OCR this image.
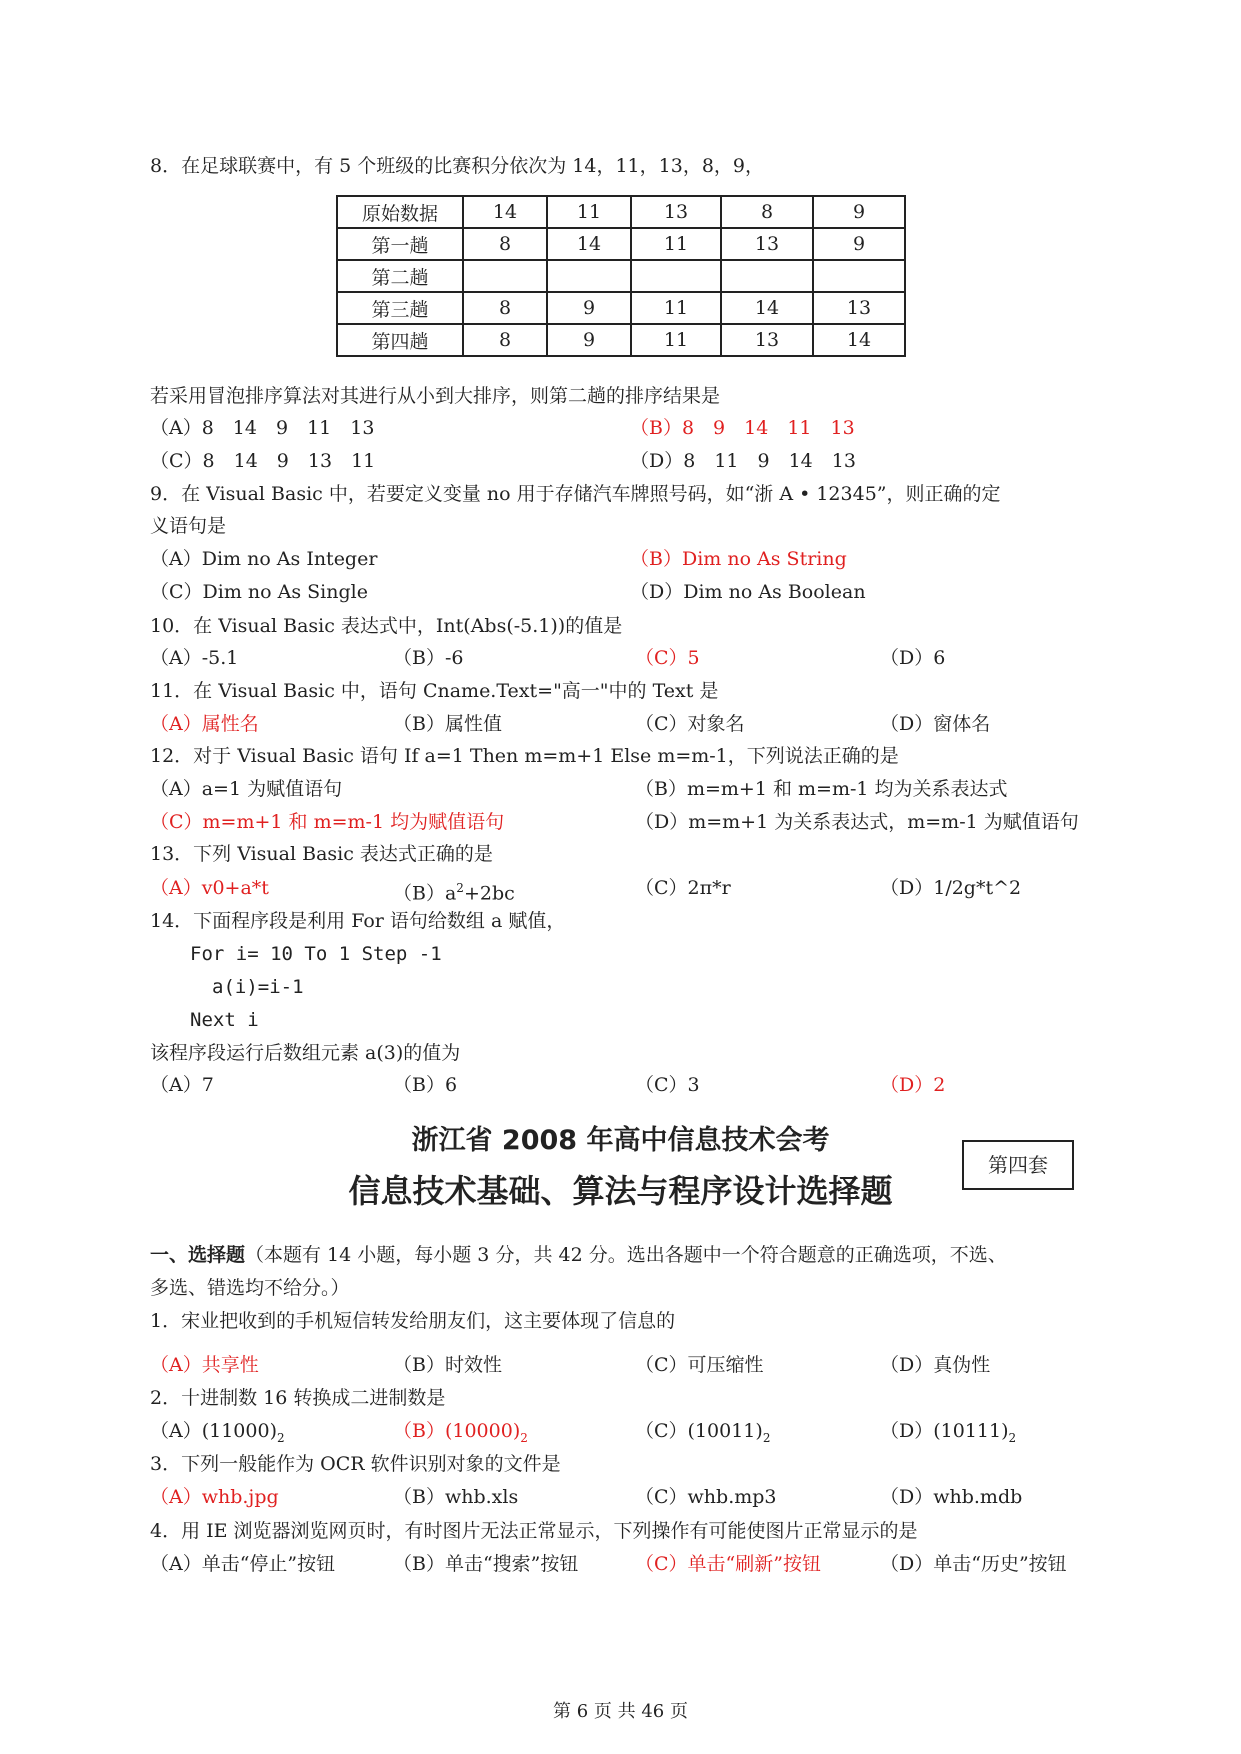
8．在足球联赛中，有 5 个班级的比赛积分依次为 14，11，13，8，9，
原始数据	14	11	13	8	9
第一趟	8	14	11	13	9
第二趟					
第三趟	8	9	11	14	13
第四趟	8	9	11	13	14
若采用冒泡排序算法对其进行从小到大排序，则第二趟的排序结果是
（A）8　14　9　11　13	（B）8　9　14　11　13
（C）8　14　9　13　11	（D）8　11　9　14　13
9．在 Visual Basic 中，若要定义变量 no 用于存储汽车牌照号码，如“浙 A • 12345”，则正确的定
义语句是
（A）Dim no As Integer	（B）Dim no As String
（C）Dim no As Single	（D）Dim no As Boolean
10．在 Visual Basic 表达式中，Int(Abs(-5.1))的值是
（A）-5.1	（B）-6	（C）5	（D）6
11．在 Visual Basic 中，语句 Cname.Text="高一"中的 Text 是
（A）属性名	（B）属性值	（C）对象名	（D）窗体名
12．对于 Visual Basic 语句 If a=1 Then m=m+1 Else m=m-1，下列说法正确的是
（A）a=1 为赋值语句	（B）m=m+1 和 m=m-1 均为关系表达式
（C）m=m+1 和 m=m-1 均为赋值语句	（D）m=m+1 为关系表达式，m=m-1 为赋值语句
13．下列 Visual Basic 表达式正确的是
（A）v0+a*t	$(B)a^2+2bc$	（C）2π*r	（D）1/2g*t^2
14．下面程序段是利用 For 语句给数组 a 赋值，
For i= 10 To 1 Step -1
a(i)=i-1
Next i
该程序段运行后数组元素 a(3)的值为
（A）7	（B）6	（C）3	（D）2
浙江省 2008 年高中信息技术会考
第四套
信息技术基础、算法与程序设计选择题
一、选择题（本题有 14 小题，每小题 3 分，共 42 分。选出各题中一个符合题意的正确选项，不选、
多选、错选均不给分。）
1．宋业把收到的手机短信转发给朋友们，这主要体现了信息的
（A）共享性	（B）时效性	（C）可压缩性	（D）真伪性
2．十进制数 16 转换成二进制数是
$(A)(11000)_2$	$(B)(10000)_2$	$(C)(10011)_2$	$(D)(10111)_2$
3．下列一般能作为 OCR 软件识别对象的文件是
（A）whb.jpg	（B）whb.xls	（C）whb.mp3	（D）whb.mdb
4．用 IE 浏览器浏览网页时，有时图片无法正常显示，下列操作有可能使图片正常显示的是
（A）单击“停止”按钮	（B）单击“搜索”按钮	（C）单击“刷新”按钮	（D）单击“历史”按钮
第 6 页 共 46 页
